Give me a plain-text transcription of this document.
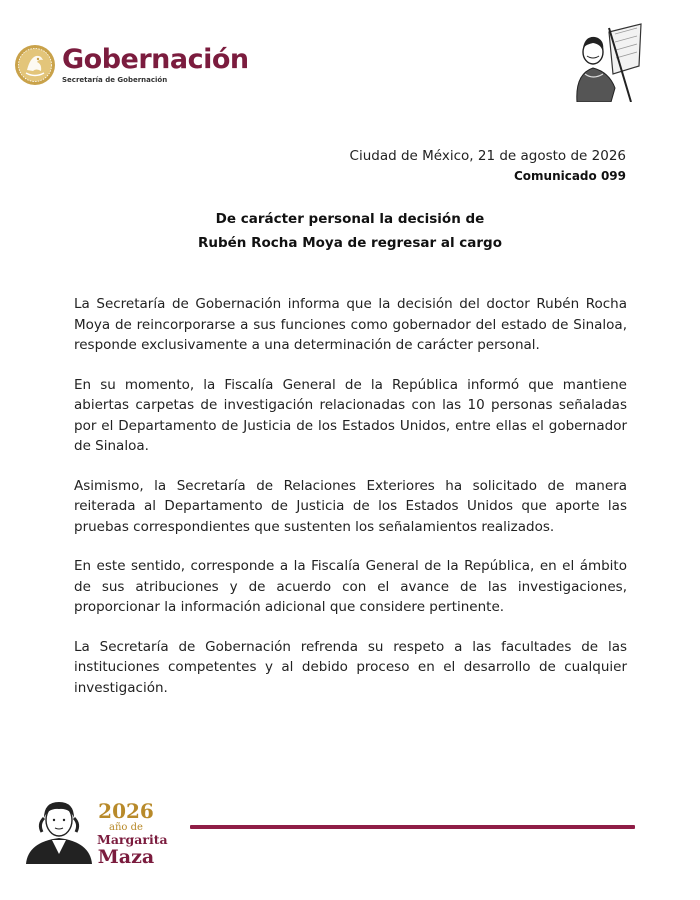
Gobernación
Secretaría de Gobernación
Ciudad de México, 21 de agosto de 2026
Comunicado 099
De carácter personal la decisión de
Rubén Rocha Moya de regresar al cargo

La Secretaría de Gobernación informa que la decisión del doctor Rubén Rocha Moya de reincorporarse a sus funciones como gobernador del estado de Sinaloa, responde exclusivamente a una determinación de carácter personal.

En su momento, la Fiscalía General de la República informó que mantiene abiertas carpetas de investigación relacionadas con las 10 personas señaladas por el Departamento de Justicia de los Estados Unidos, entre ellas el gobernador de Sinaloa.

Asimismo, la Secretaría de Relaciones Exteriores ha solicitado de manera reiterada al Departamento de Justicia de los Estados Unidos que aporte las pruebas correspondientes que sustenten los señalamientos realizados.

En este sentido, corresponde a la Fiscalía General de la República, en el ámbito de sus atribuciones y de acuerdo con el avance de las investigaciones, proporcionar la información adicional que considere pertinente.

La Secretaría de Gobernación refrenda su respeto a las facultades de las instituciones competentes y al debido proceso en el desarrollo de cualquier investigación.

2026
año de
Margarita
Maza
